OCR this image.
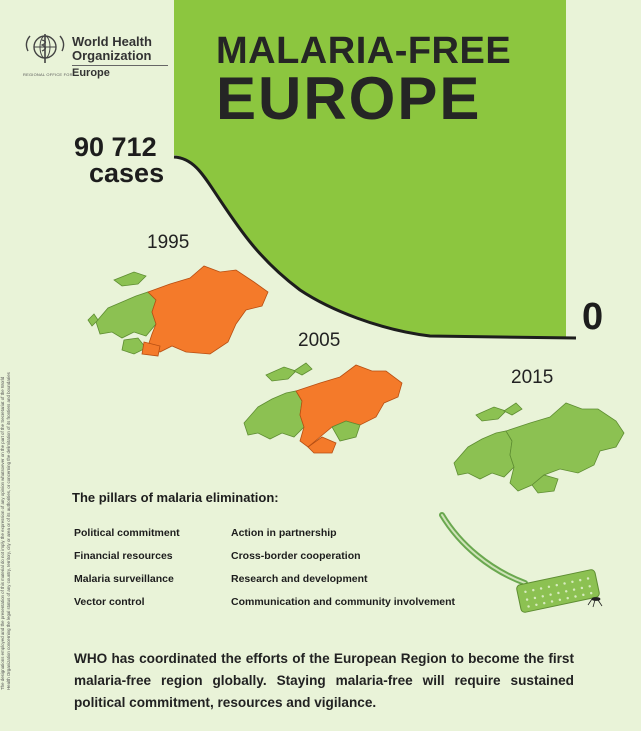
World Health
Organization
REGIONAL OFFICE FOR Europe
MALARIA-FREE
EUROPE
90 712
cases
0
1995
2005
2015
The designations employed and the presentation of this material do not imply the expression of any opinion whatsoever on the part of the Secretariat of the World
Health Organization concerning the legal status of any country, territory, city or area or of its authorities, or concerning the delimitation of its frontiers and boundaries
The pillars of malaria elimination:
Political commitment
Financial resources
Malaria surveillance
Vector control
Action in partnership
Cross-border cooperation
Research and development
Communication and community involvement
WHO has coordinated the efforts of the European Region to become the first malaria-free region globally. Staying malaria-free will require sustained political commitment, resources and vigilance.
